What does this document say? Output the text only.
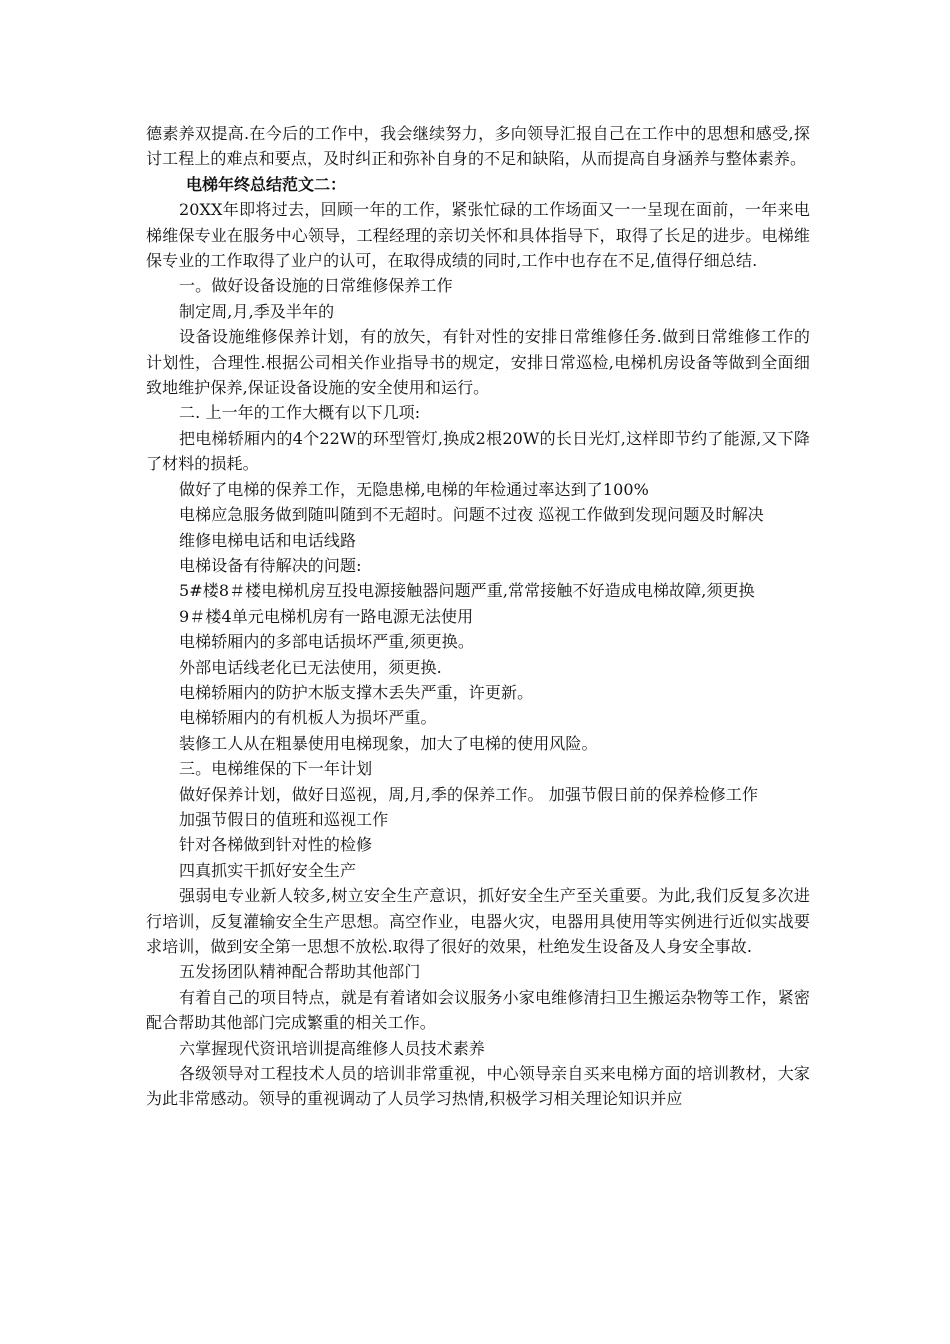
德素养双提高.在今后的工作中，我会继续努力，多向领导汇报自己在工作中的思想和感受,探讨工程上的难点和要点，及时纠正和弥补自身的不足和缺陷，从而提高自身涵养与整体素养。

电梯年终总结范文二：

20XX年即将过去，回顾一年的工作，紧张忙碌的工作场面又一一呈现在面前，一年来电梯维保专业在服务中心领导，工程经理的亲切关怀和具体指导下，取得了长足的进步。电梯维保专业的工作取得了业户的认可，在取得成绩的同时,工作中也存在不足,值得仔细总结.

一。做好设备设施的日常维修保养工作

制定周,月,季及半年的

设备设施维修保养计划，有的放矢，有针对性的安排日常维修任务.做到日常维修工作的计划性，合理性.根据公司相关作业指导书的规定，安排日常巡检,电梯机房设备等做到全面细致地维护保养,保证设备设施的安全使用和运行。

二. 上一年的工作大概有以下几项:

把电梯轿厢内的4个22W的环型管灯,换成2根20W的长日光灯,这样即节约了能源,又下降了材料的损耗。

做好了电梯的保养工作，无隐患梯,电梯的年检通过率达到了100%

电梯应急服务做到随叫随到不无超时。问题不过夜 巡视工作做到发现问题及时解决

维修电梯电话和电话线路

电梯设备有待解决的问题:

5#楼8＃楼电梯机房互投电源接触器问题严重,常常接触不好造成电梯故障,须更换

9＃楼4单元电梯机房有一路电源无法使用

电梯轿厢内的多部电话损坏严重,须更换。

外部电话线老化已无法使用，须更换.

电梯轿厢内的防护木版支撑木丢失严重，许更新。

电梯轿厢内的有机板人为损坏严重。

装修工人从在粗暴使用电梯现象，加大了电梯的使用风险。

三。电梯维保的下一年计划

做好保养计划，做好日巡视，周,月,季的保养工作。 加强节假日前的保养检修工作

加强节假日的值班和巡视工作

针对各梯做到针对性的检修

四真抓实干抓好安全生产

强弱电专业新人较多,树立安全生产意识，抓好安全生产至关重要。为此,我们反复多次进行培训，反复灌输安全生产思想。高空作业，电器火灾，电器用具使用等实例进行近似实战要求培训，做到安全第一思想不放松.取得了很好的效果，杜绝发生设备及人身安全事故.

五发扬团队精神配合帮助其他部门

有着自己的项目特点，就是有着诸如会议服务小家电维修清扫卫生搬运杂物等工作，紧密配合帮助其他部门完成繁重的相关工作。

六掌握现代资讯培训提高维修人员技术素养

各级领导对工程技术人员的培训非常重视，中心领导亲自买来电梯方面的培训教材，大家为此非常感动。领导的重视调动了人员学习热情,积极学习相关理论知识并应
